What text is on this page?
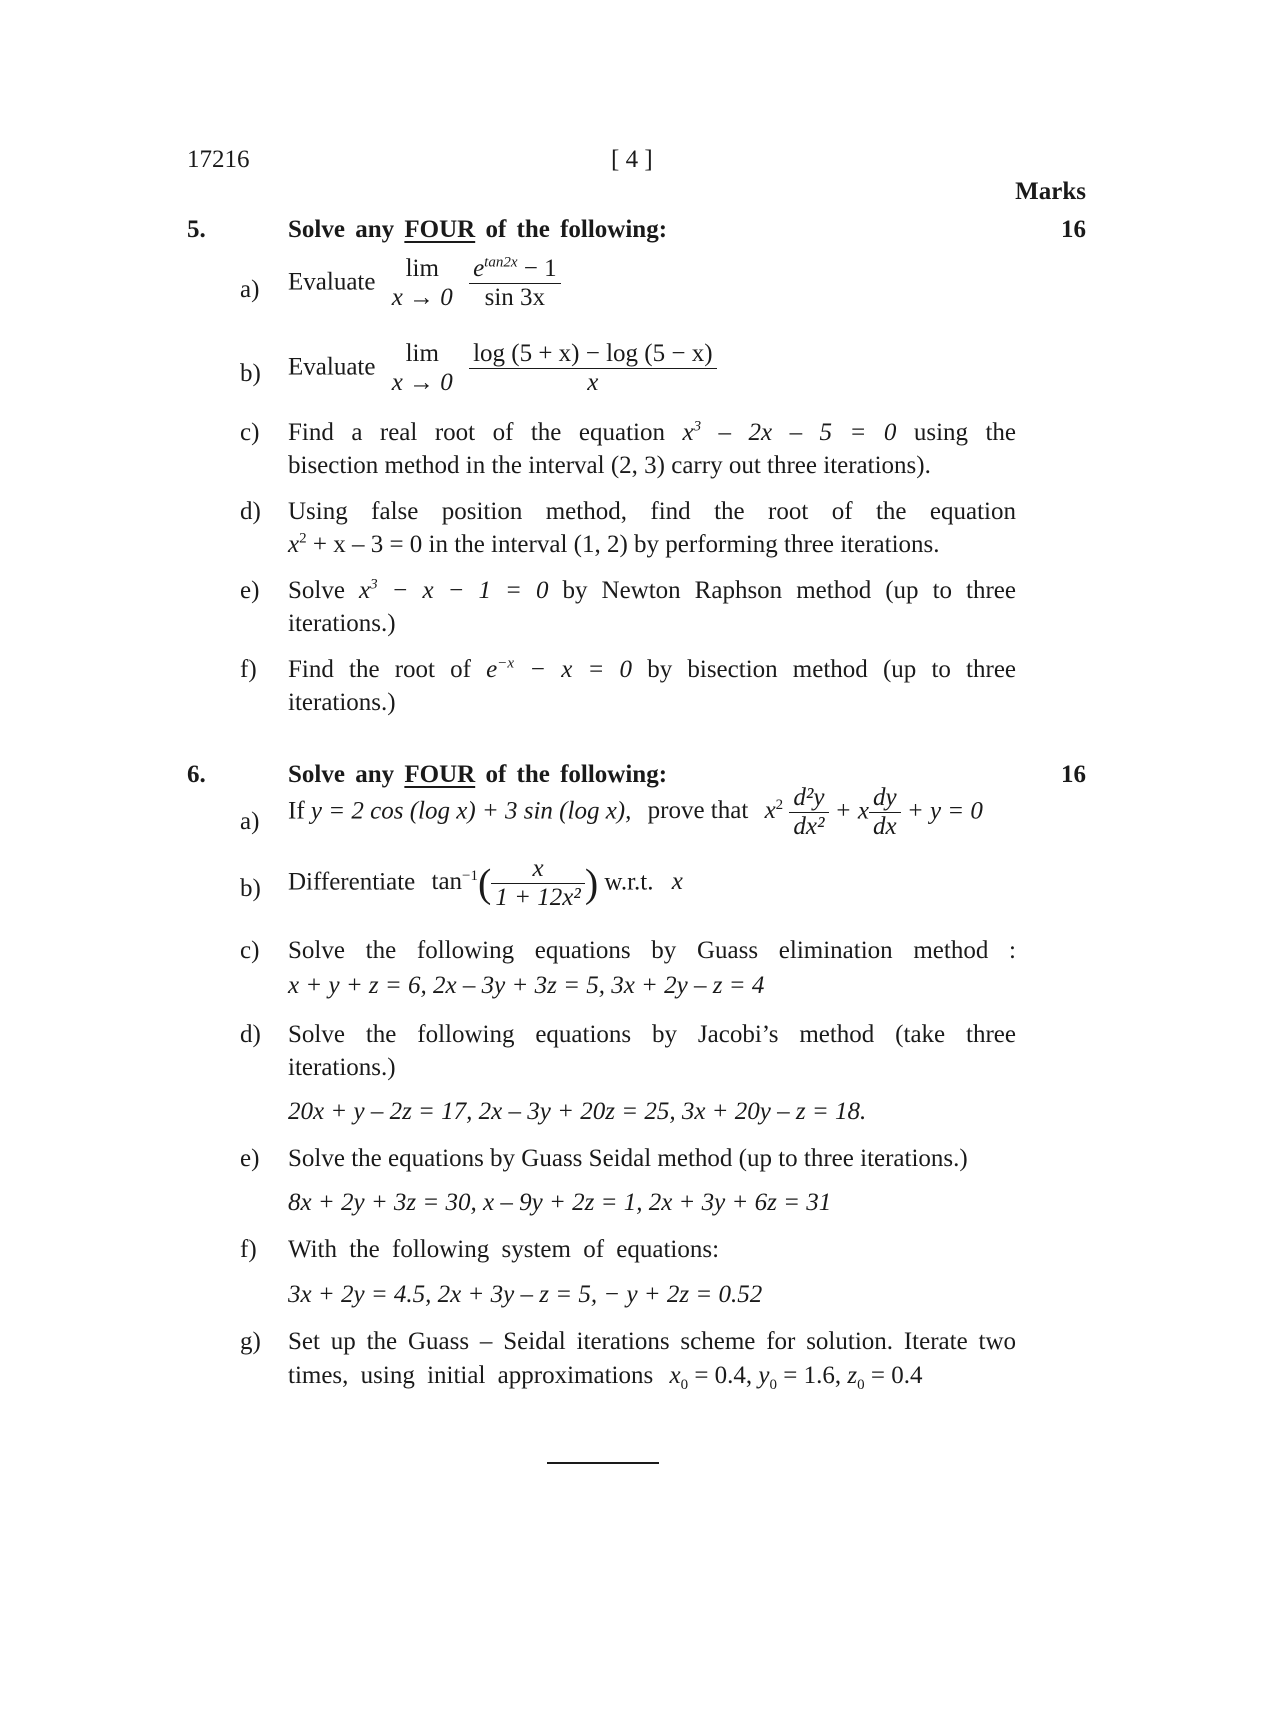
17216	[ 4 ]
Marks
5.	Solve any FOUR of the following:	16
a) Evaluate	lim
x → 0
$\frac{e^{tan2x} - 1}{\sin 3x}$
b) Evaluate	lim
x → 0
$\frac{\log (5 + x) - \log (5 - x)}{x}$
c) Find a real root of the equation $x^3 - 2x - 5 = 0$ using the
bisection method in the interval (2, 3) carry out three iterations).
d) Using false position method, find the root of the equation
$x^2 + x - 3 = 0$ in the interval (1, 2) by performing three iterations.
e) Solve $x^3 - x - 1 = 0$ by Newton Raphson method (up to three
iterations.)
f) Find the root of $e^{-x} - x = 0$ by bisection method (up to three
iterations.)
6.	Solve any FOUR of the following:	16
a) If y = 2 cos (log x) + 3 sin (log x), prove that $x^2 \frac{\text{d²y}}{\text{dx²}} + x \frac{dy}{dx} + y = 0$
b) Differentiate $\tan^{-1}( \frac{x}{\text{1 + 12x²}}$ ) w.r.t. x
c) Solve the following equations by Guass elimination method :
x + y + z = 6, 2x – 3y + 3z = 5, 3x + 2y – z = 4
d) Solve the following equations by Jacobi’s method (take three
iterations.)
20x + y – 2z = 17, 2x – 3y + 20z = 25, 3x + 20y – z = 18.
e) Solve the equations by Guass Seidal method (up to three iterations.)
8x + 2y + 3z = 30, x – 9y + 2z = 1, 2x + 3y + 6z = 31
f) With the following system of equations:
3x + 2y = 4.5, 2x + 3y – z = 5, − y + 2z = 0.52
g) Set up the Guass – Seidal iterations scheme for solution. Iterate two
times, using initial approximations $x_0 = 0.4$, $y_0 = 1.6$, $z_0 = 0.4$
